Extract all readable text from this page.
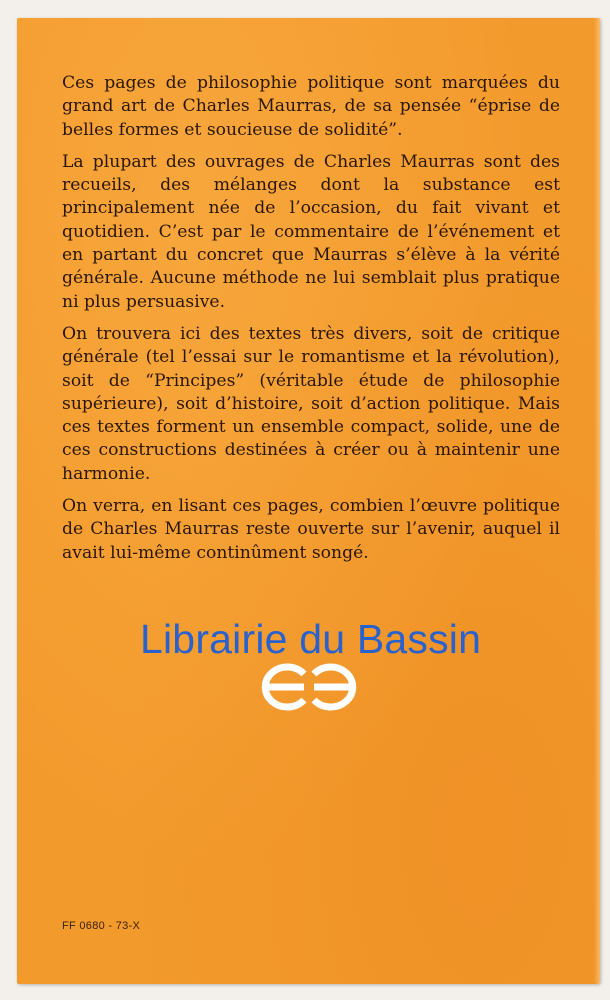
Ces pages de philosophie politique sont marquées du grand art de Charles Maurras, de sa pensée “éprise de belles formes et soucieuse de solidité”.

La plupart des ouvrages de Charles Maurras sont des recueils, des mélanges dont la substance est principalement née de l’occasion, du fait vivant et quotidien. C’est par le commentaire de l’événement et en partant du concret que Maurras s’élève à la vérité générale. Aucune méthode ne lui semblait plus pratique ni plus persuasive.

On trouvera ici des textes très divers, soit de critique générale (tel l’essai sur le romantisme et la révolution), soit de “Principes” (véritable étude de philosophie supérieure), soit d’histoire, soit d’action politique. Mais ces textes forment un ensemble compact, solide, une de ces constructions destinées à créer ou à maintenir une harmonie.

On verra, en lisant ces pages, combien l’œuvre politique de Charles Maurras reste ouverte sur l’avenir, auquel il avait lui-même continûment songé.

Librairie du Bassin
FF 0680 - 73-X
